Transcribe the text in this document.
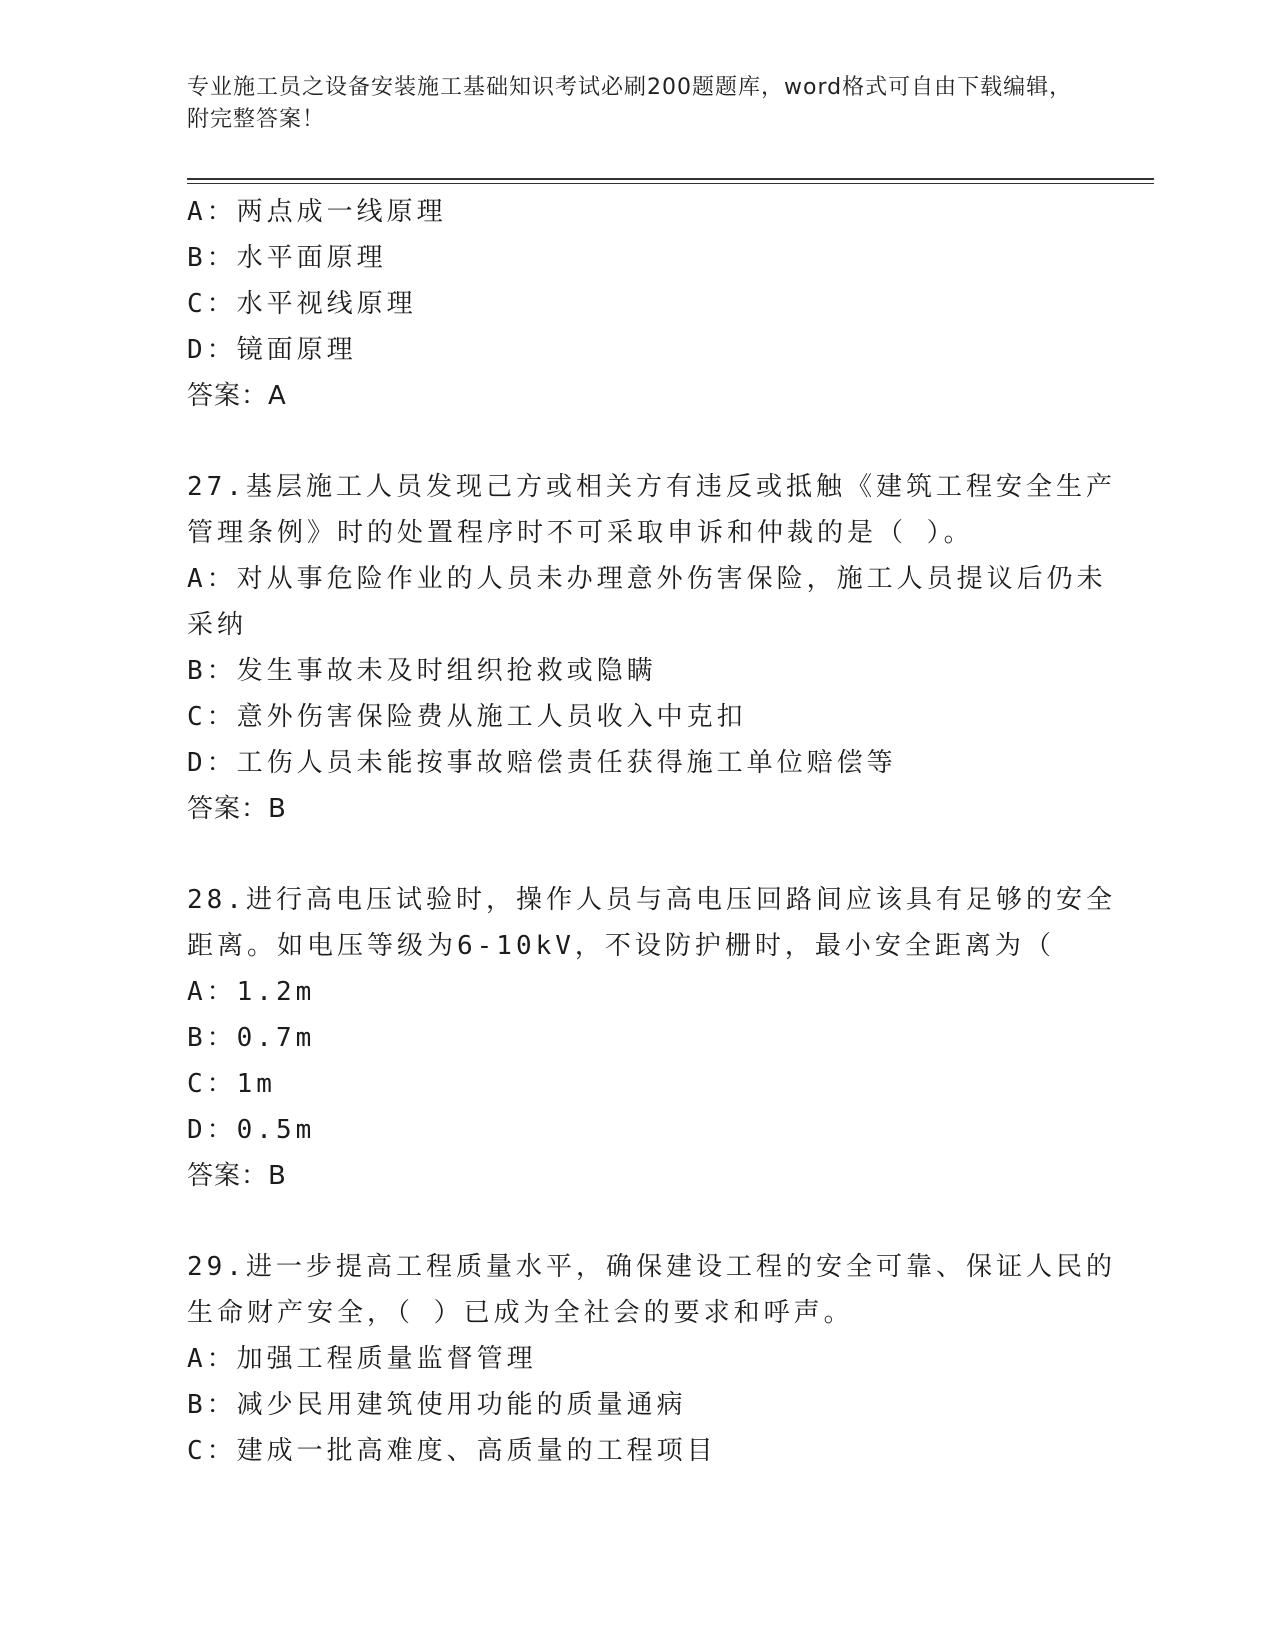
专业施工员之设备安装施工基础知识考试必刷200题题库，word格式可自由下载编辑，附完整答案！
A：两点成一线原理
B：水平面原理
C：水平视线原理
D：镜面原理
答案：A
27.基层施工人员发现己方或相关方有违反或抵触《建筑工程安全生产
管理条例》时的处置程序时不可采取申诉和仲裁的是（ ）。
A：对从事危险作业的人员未办理意外伤害保险，施工人员提议后仍未
采纳
B：发生事故未及时组织抢救或隐瞒
C：意外伤害保险费从施工人员收入中克扣
D：工伤人员未能按事故赔偿责任获得施工单位赔偿等
答案：B
28.进行高电压试验时，操作人员与高电压回路间应该具有足够的安全
距离。如电压等级为6-10kV，不设防护栅时，最小安全距离为（
A：1.2m
B：0.7m
C：1m
D：0.5m
答案：B
29.进一步提高工程质量水平，确保建设工程的安全可靠、保证人民的
生命财产安全，（ ）已成为全社会的要求和呼声。
A：加强工程质量监督管理
B：减少民用建筑使用功能的质量通病
C：建成一批高难度、高质量的工程项目
